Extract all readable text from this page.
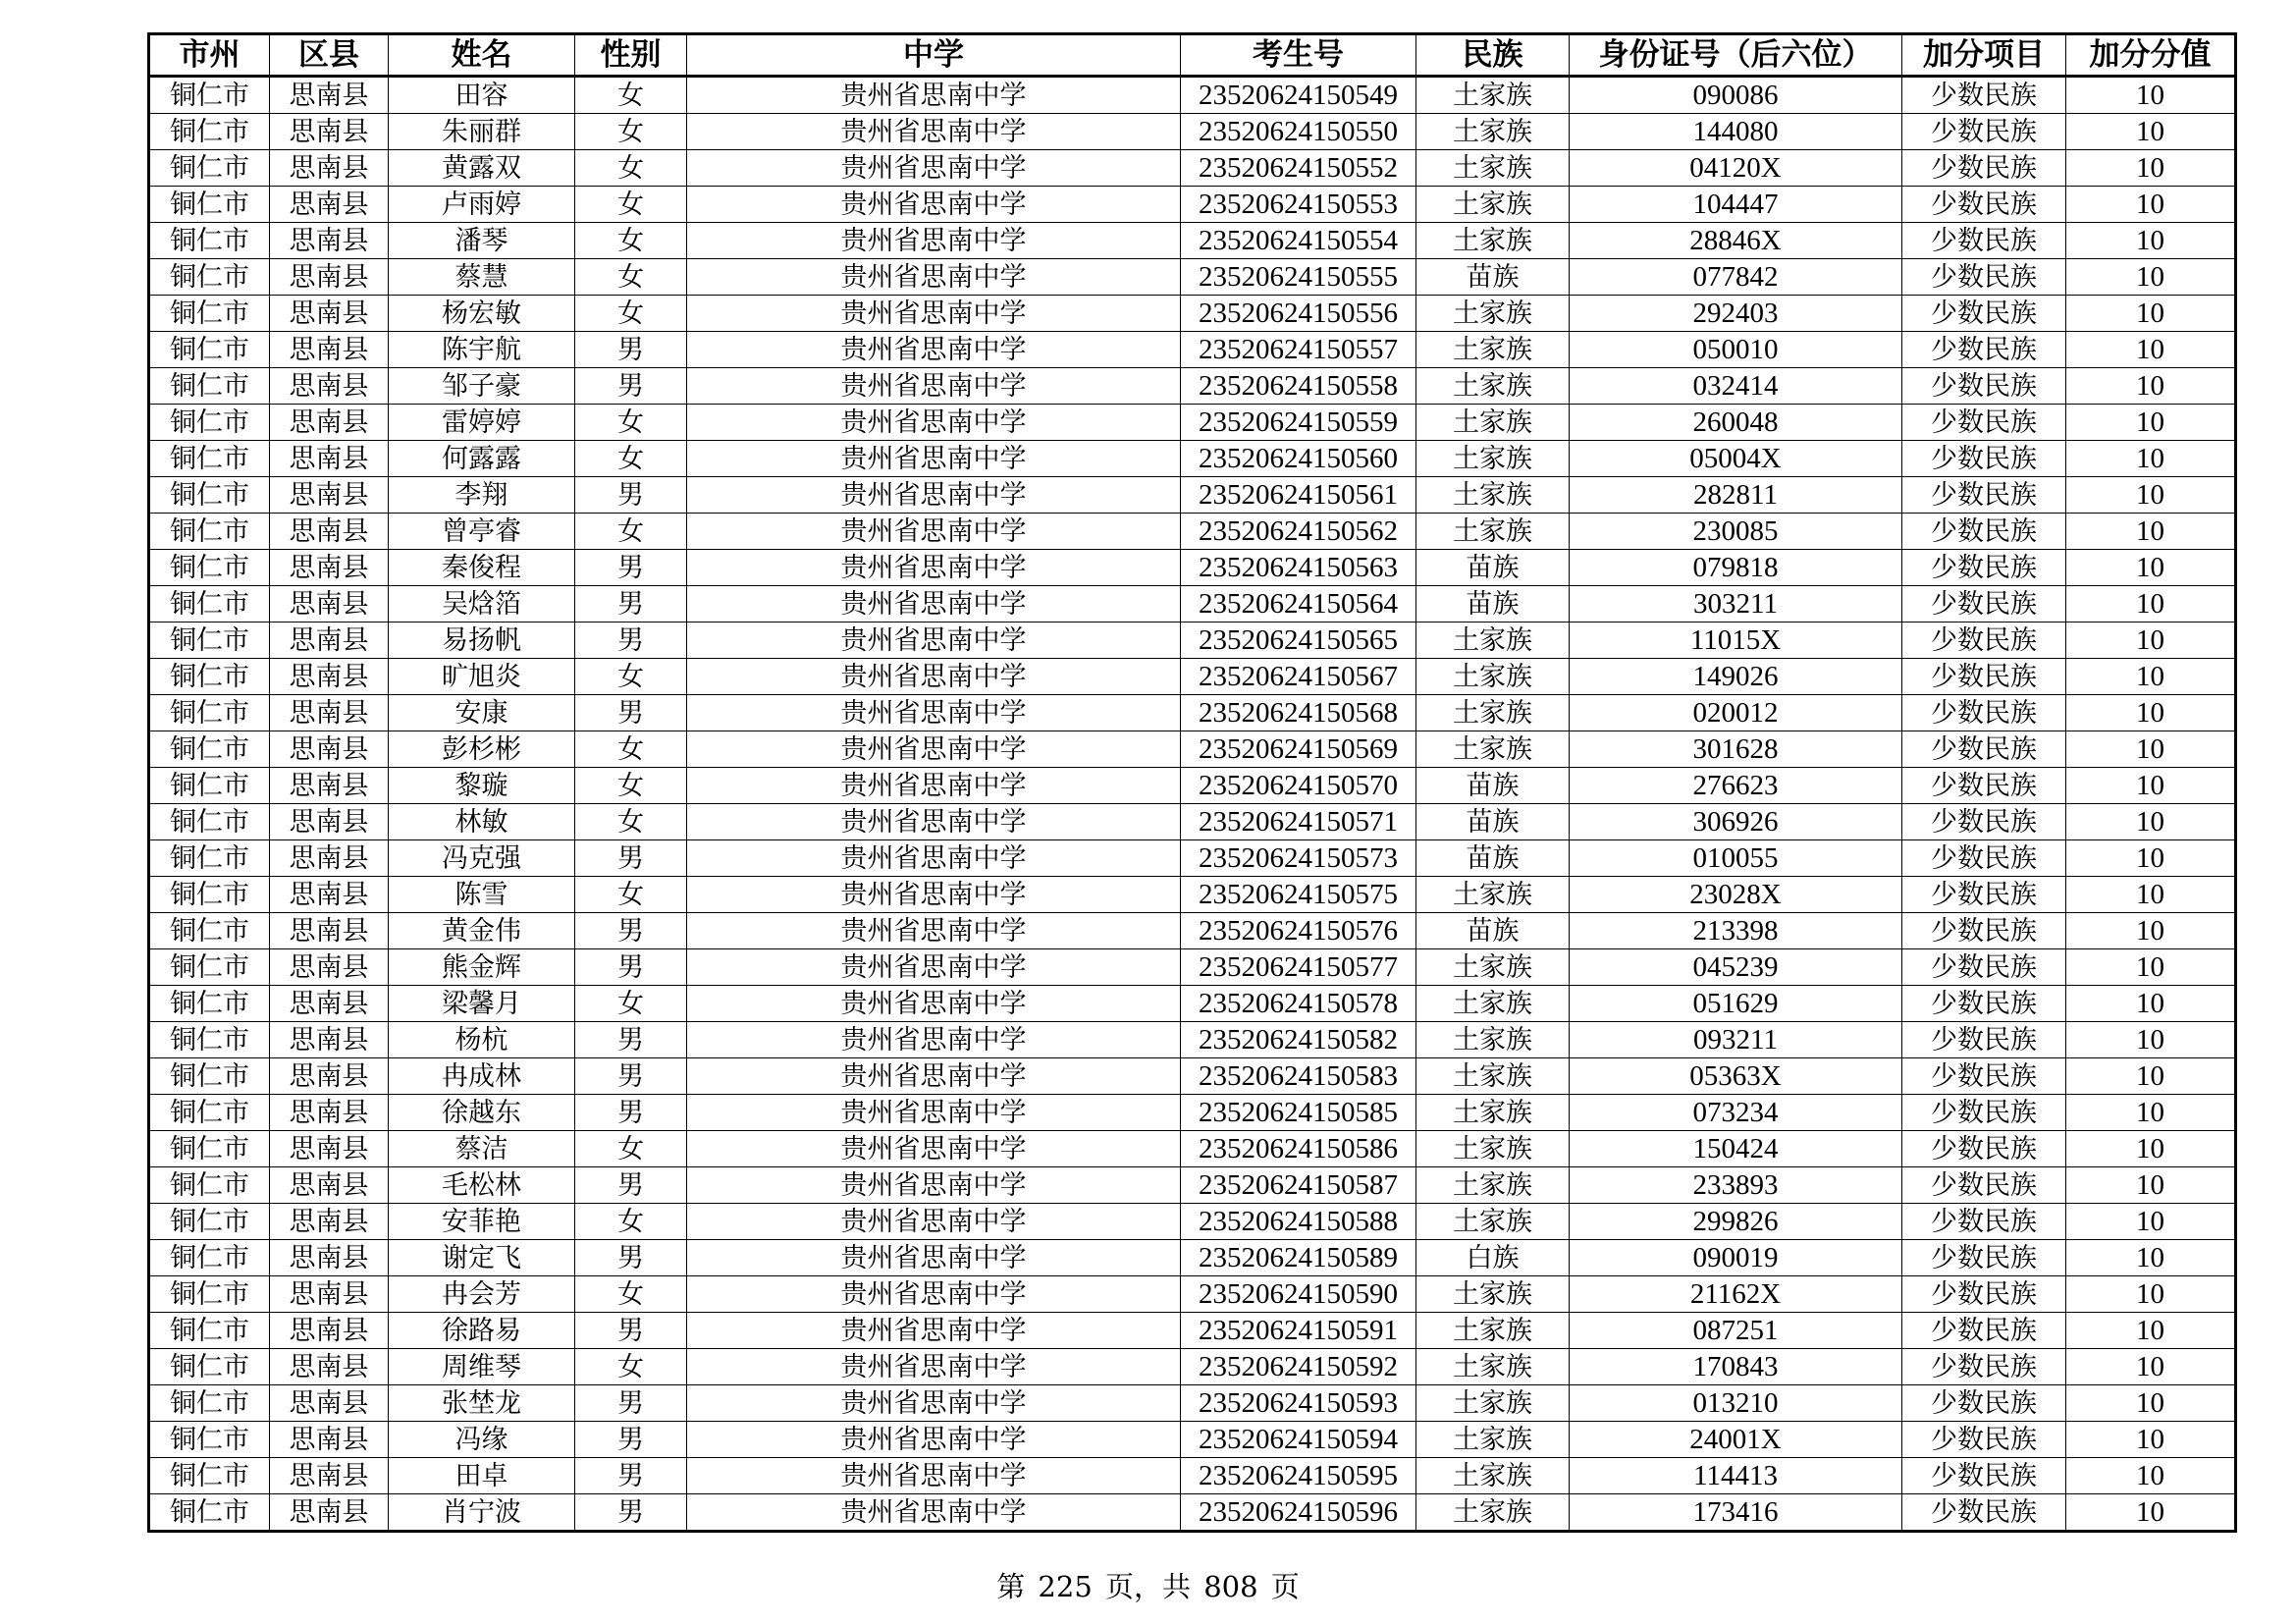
市州	区县	姓名	性别	中学	考生号	民族	身份证号（后六位）	加分项目	加分分值
铜仁市	思南县	田容	女	贵州省思南中学	23520624150549	土家族	090086	少数民族	10
铜仁市	思南县	朱丽群	女	贵州省思南中学	23520624150550	土家族	144080	少数民族	10
铜仁市	思南县	黄露双	女	贵州省思南中学	23520624150552	土家族	04120X	少数民族	10
铜仁市	思南县	卢雨婷	女	贵州省思南中学	23520624150553	土家族	104447	少数民族	10
铜仁市	思南县	潘琴	女	贵州省思南中学	23520624150554	土家族	28846X	少数民族	10
铜仁市	思南县	蔡慧	女	贵州省思南中学	23520624150555	苗族	077842	少数民族	10
铜仁市	思南县	杨宏敏	女	贵州省思南中学	23520624150556	土家族	292403	少数民族	10
铜仁市	思南县	陈宇航	男	贵州省思南中学	23520624150557	土家族	050010	少数民族	10
铜仁市	思南县	邹子豪	男	贵州省思南中学	23520624150558	土家族	032414	少数民族	10
铜仁市	思南县	雷婷婷	女	贵州省思南中学	23520624150559	土家族	260048	少数民族	10
铜仁市	思南县	何露露	女	贵州省思南中学	23520624150560	土家族	05004X	少数民族	10
铜仁市	思南县	李翔	男	贵州省思南中学	23520624150561	土家族	282811	少数民族	10
铜仁市	思南县	曾亭睿	女	贵州省思南中学	23520624150562	土家族	230085	少数民族	10
铜仁市	思南县	秦俊程	男	贵州省思南中学	23520624150563	苗族	079818	少数民族	10
铜仁市	思南县	吴焓箔	男	贵州省思南中学	23520624150564	苗族	303211	少数民族	10
铜仁市	思南县	易扬帆	男	贵州省思南中学	23520624150565	土家族	11015X	少数民族	10
铜仁市	思南县	旷旭炎	女	贵州省思南中学	23520624150567	土家族	149026	少数民族	10
铜仁市	思南县	安康	男	贵州省思南中学	23520624150568	土家族	020012	少数民族	10
铜仁市	思南县	彭杉彬	女	贵州省思南中学	23520624150569	土家族	301628	少数民族	10
铜仁市	思南县	黎璇	女	贵州省思南中学	23520624150570	苗族	276623	少数民族	10
铜仁市	思南县	林敏	女	贵州省思南中学	23520624150571	苗族	306926	少数民族	10
铜仁市	思南县	冯克强	男	贵州省思南中学	23520624150573	苗族	010055	少数民族	10
铜仁市	思南县	陈雪	女	贵州省思南中学	23520624150575	土家族	23028X	少数民族	10
铜仁市	思南县	黄金伟	男	贵州省思南中学	23520624150576	苗族	213398	少数民族	10
铜仁市	思南县	熊金辉	男	贵州省思南中学	23520624150577	土家族	045239	少数民族	10
铜仁市	思南县	梁馨月	女	贵州省思南中学	23520624150578	土家族	051629	少数民族	10
铜仁市	思南县	杨杭	男	贵州省思南中学	23520624150582	土家族	093211	少数民族	10
铜仁市	思南县	冉成林	男	贵州省思南中学	23520624150583	土家族	05363X	少数民族	10
铜仁市	思南县	徐越东	男	贵州省思南中学	23520624150585	土家族	073234	少数民族	10
铜仁市	思南县	蔡洁	女	贵州省思南中学	23520624150586	土家族	150424	少数民族	10
铜仁市	思南县	毛松林	男	贵州省思南中学	23520624150587	土家族	233893	少数民族	10
铜仁市	思南县	安菲艳	女	贵州省思南中学	23520624150588	土家族	299826	少数民族	10
铜仁市	思南县	谢定飞	男	贵州省思南中学	23520624150589	白族	090019	少数民族	10
铜仁市	思南县	冉会芳	女	贵州省思南中学	23520624150590	土家族	21162X	少数民族	10
铜仁市	思南县	徐路易	男	贵州省思南中学	23520624150591	土家族	087251	少数民族	10
铜仁市	思南县	周维琴	女	贵州省思南中学	23520624150592	土家族	170843	少数民族	10
铜仁市	思南县	张埜龙	男	贵州省思南中学	23520624150593	土家族	013210	少数民族	10
铜仁市	思南县	冯缘	男	贵州省思南中学	23520624150594	土家族	24001X	少数民族	10
铜仁市	思南县	田卓	男	贵州省思南中学	23520624150595	土家族	114413	少数民族	10
铜仁市	思南县	肖宁波	男	贵州省思南中学	23520624150596	土家族	173416	少数民族	10
第 225 页，共 808 页
